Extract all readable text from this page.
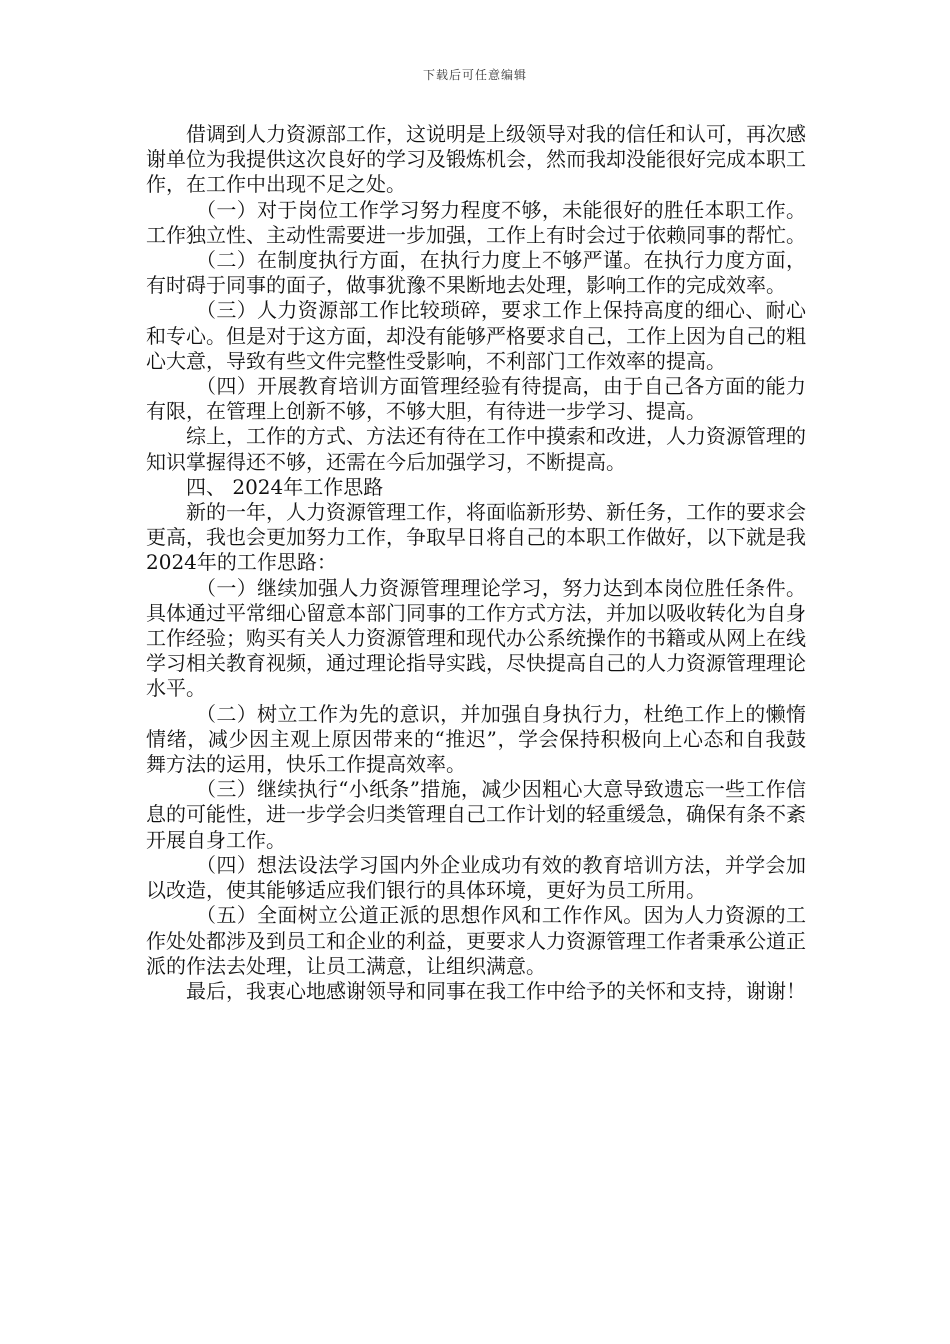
下载后可任意编辑

借调到人力资源部工作，这说明是上级领导对我的信任和认可，再次感谢单位为我提供这次良好的学习及锻炼机会，然而我却没能很好完成本职工作，在工作中出现不足之处。

（一）对于岗位工作学习努力程度不够，未能很好的胜任本职工作。工作独立性、主动性需要进一步加强，工作上有时会过于依赖同事的帮忙。

（二）在制度执行方面，在执行力度上不够严谨。在执行力度方面，有时碍于同事的面子，做事犹豫不果断地去处理，影响工作的完成效率。

（三）人力资源部工作比较琐碎，要求工作上保持高度的细心、耐心和专心。但是对于这方面，却没有能够严格要求自己，工作上因为自己的粗心大意，导致有些文件完整性受影响，不利部门工作效率的提高。

（四）开展教育培训方面管理经验有待提高，由于自己各方面的能力有限，在管理上创新不够，不够大胆，有待进一步学习、提高。

综上，工作的方式、方法还有待在工作中摸索和改进，人力资源管理的知识掌握得还不够，还需在今后加强学习，不断提高。

四、 2024年工作思路

新的一年，人力资源管理工作，将面临新形势、新任务，工作的要求会更高，我也会更加努力工作，争取早日将自己的本职工作做好，以下就是我2024年的工作思路：

（一）继续加强人力资源管理理论学习，努力达到本岗位胜任条件。具体通过平常细心留意本部门同事的工作方式方法，并加以吸收转化为自身工作经验；购买有关人力资源管理和现代办公系统操作的书籍或从网上在线学习相关教育视频，通过理论指导实践，尽快提高自己的人力资源管理理论水平。

（二）树立工作为先的意识，并加强自身执行力，杜绝工作上的懒惰情绪，减少因主观上原因带来的“推迟”，学会保持积极向上心态和自我鼓舞方法的运用，快乐工作提高效率。

（三）继续执行“小纸条”措施，减少因粗心大意导致遗忘一些工作信息的可能性，进一步学会归类管理自己工作计划的轻重缓急，确保有条不紊开展自身工作。

（四）想法设法学习国内外企业成功有效的教育培训方法，并学会加以改造，使其能够适应我们银行的具体环境，更好为员工所用。

（五）全面树立公道正派的思想作风和工作作风。因为人力资源的工作处处都涉及到员工和企业的利益，更要求人力资源管理工作者秉承公道正派的作法去处理，让员工满意，让组织满意。

最后，我衷心地感谢领导和同事在我工作中给予的关怀和支持，谢谢！
